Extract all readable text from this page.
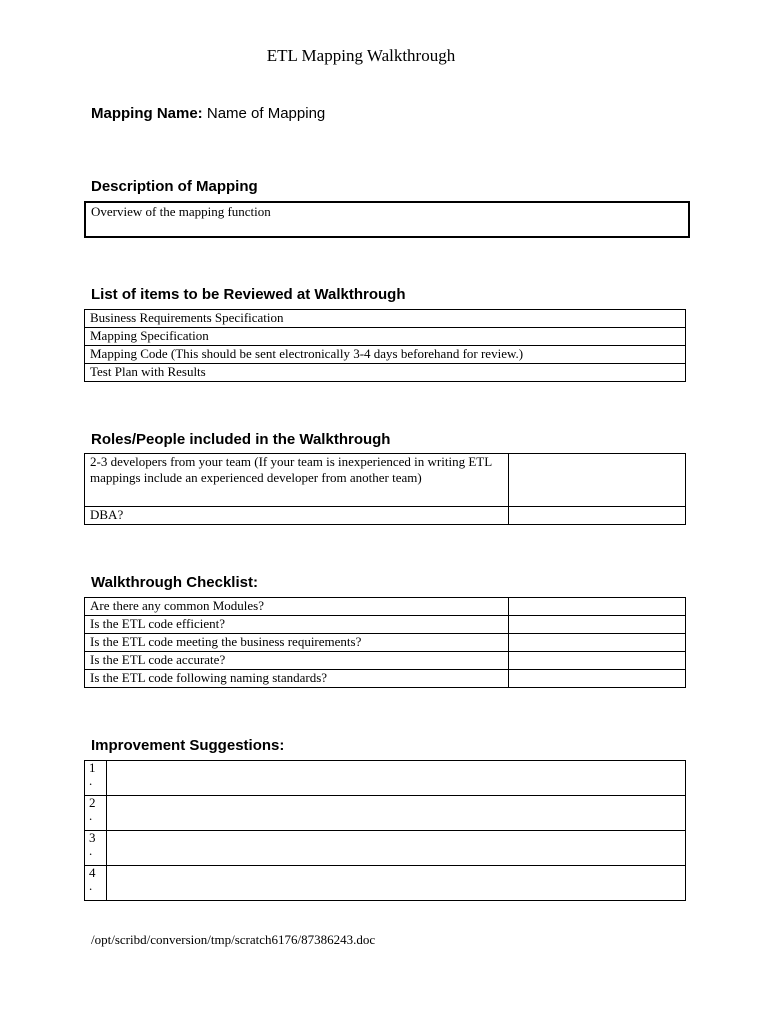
ETL Mapping Walkthrough
Mapping Name: Name of Mapping
Description of Mapping
Overview of the mapping function
List of items to be Reviewed at Walkthrough
Business Requirements Specification
Mapping Specification
Mapping Code (This should be sent electronically 3-4 days beforehand for review.)
Test Plan with Results
Roles/People included in the Walkthrough
2-3 developers from your team (If your team is inexperienced in writing ETL mappings include an experienced developer from another team)	
DBA?	
Walkthrough Checklist:
Are there any common Modules?	
Is the ETL code efficient?	
Is the ETL code meeting the business requirements?	
Is the ETL code accurate?	
Is the ETL code following naming standards?	
Improvement Suggestions:
1
.	

2
.	

3
.	

4
.	

/opt/scribd/conversion/tmp/scratch6176/87386243.doc
